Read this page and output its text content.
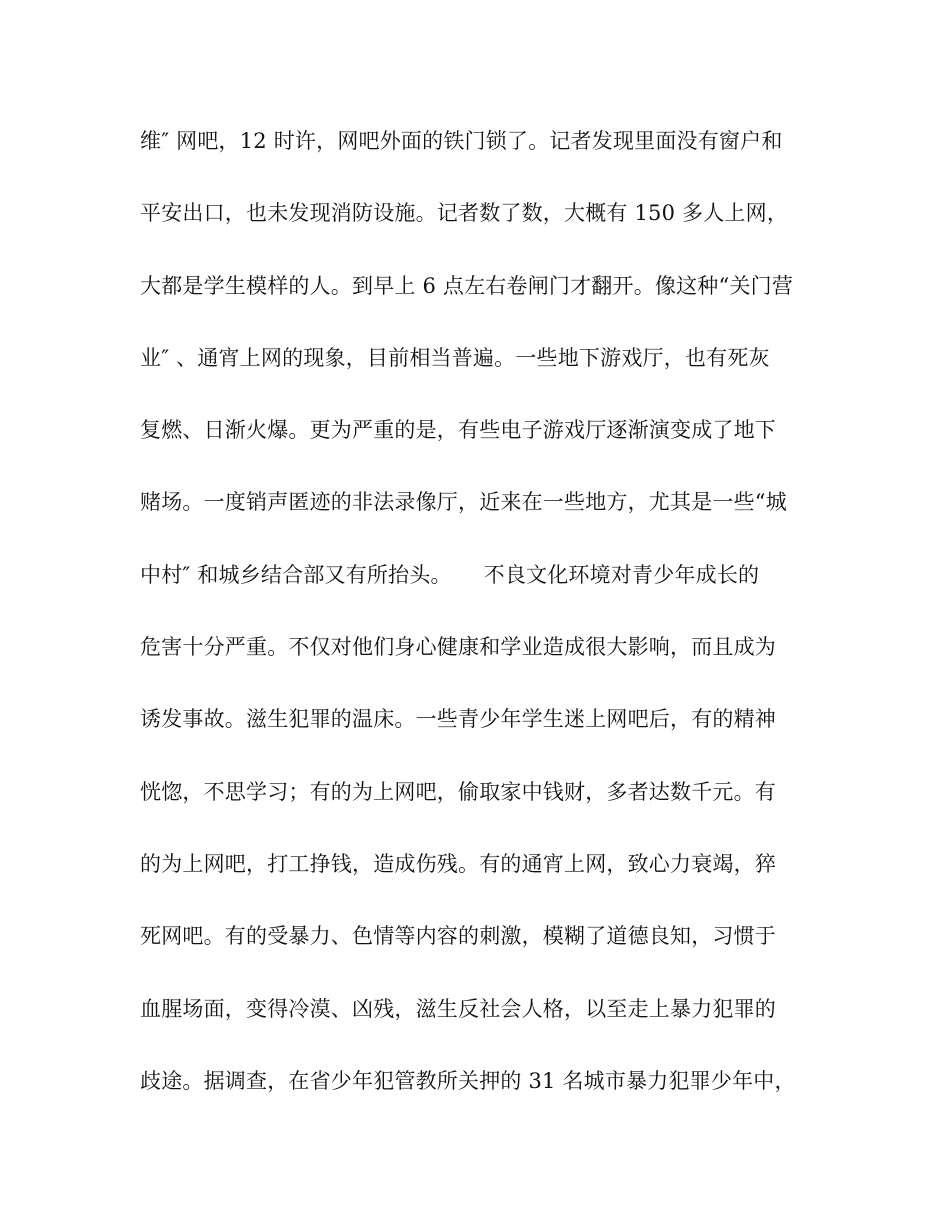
维″ 网吧，12 时许，网吧外面的铁门锁了。记者发现里面没有窗户和
平安出口，也未发现消防设施。记者数了数，大概有 150 多人上网，
大都是学生模样的人。到早上 6 点左右卷闸门才翻开。像这种“关门营
业″ 、通宵上网的现象，目前相当普遍。一些地下游戏厅，也有死灰
复燃、日渐火爆。更为严重的是，有些电子游戏厅逐渐演变成了地下
赌场。一度销声匿迹的非法录像厅，近来在一些地方，尤其是一些“城
中村″ 和城乡结合部又有所抬头。　　不良文化环境对青少年成长的
危害十分严重。不仅对他们身心健康和学业造成很大影响，而且成为
诱发事故。滋生犯罪的温床。一些青少年学生迷上网吧后，有的精神
恍惚，不思学习；有的为上网吧，偷取家中钱财，多者达数千元。有
的为上网吧，打工挣钱，造成伤残。有的通宵上网，致心力衰竭，猝
死网吧。有的受暴力、色情等内容的刺激，模糊了道德良知，习惯于
血腥场面，变得冷漠、凶残，滋生反社会人格，以至走上暴力犯罪的
歧途。据调查，在省少年犯管教所关押的 31 名城市暴力犯罪少年中，
